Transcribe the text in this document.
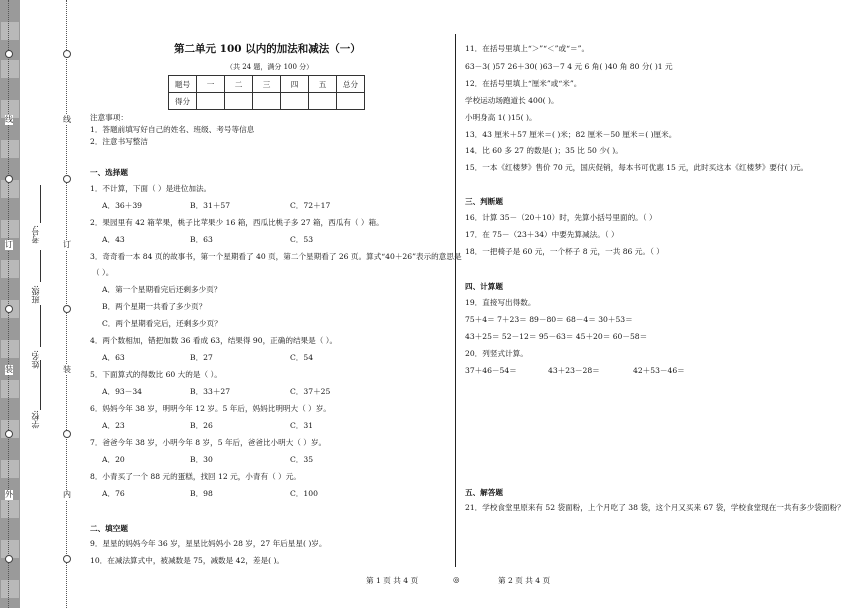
线
订
装
外
线
订
装
内
学校:
姓名:
班级:
考号:
第二单元 100 以内的加法和减法（一）
（共 24 题，满分 100 分）
题号	一	二	三	四	五	总分
得分						
注意事项：
1．答题前填写好自己的姓名、班级、考号等信息
2．注意书写整洁
一、选择题
1．不计算，下面（ ）是进位加法。
A．36＋39	B．31＋57	C．72＋17
2．果园里有 42 箱苹果，桃子比苹果少 16 箱，西瓜比桃子多 27 箱，西瓜有（ ）箱。
A．43	B．63	C．53
3．奇奇看一本 84 页的故事书，第一个星期看了 40 页，第二个星期看了 26 页。算式“40＋26”表示的意思是
（ ）。
A．第一个星期看完后还剩多少页？
B．两个星期一共看了多少页？
C．两个星期看完后，还剩多少页？
4．两个数相加，错把加数 36 看成 63，结果得 90，正确的结果是（ ）。
A．63	B．27	C．54
5．下面算式的得数比 60 大的是（ ）。
A．93－34	B．33＋27	C．37＋25
6．妈妈今年 38 岁，明明今年 12 岁。5 年后，妈妈比明明大（ ）岁。
A．23	B．26	C．31
7．爸爸今年 38 岁，小明今年 8 岁，5 年后，爸爸比小明大（ ）岁。
A．20	B．30	C．35
8．小青买了一个 88 元的蛋糕，找回 12 元，小青有（ ）元。
A．76	B．98	C．100
二、填空题
9．星星的妈妈今年 36 岁，星星比妈妈小 28 岁，27 年后星星( )岁。
10．在减法算式中，被减数是 75，减数是 42，差是( )。
11．在括号里填上“＞”“＜”或“＝”。
63－3( )57 26＋30( )63－7 4 元 6 角( )40 角 80 分( )1 元
12．在括号里填上“厘米”或“米”。
学校运动场跑道长 400( )。
小明身高 1( )15( )。
13．43 厘米＋57 厘米＝( )米；82 厘米－50 厘米＝( )厘米。
14．比 60 多 27 的数是( )；35 比 50 少( )。
15．一本《红楼梦》售价 70 元，国庆促销，每本书可优惠 15 元，此时买这本《红楼梦》要付( )元。
三、判断题
16．计算 35－（20＋10）时，先算小括号里面的。（ ）
17．在 75－（23＋34）中要先算减法。（ ）
18．一把椅子是 60 元，一个杯子 8 元，一共 86 元。（ ）
四、计算题
19．直接写出得数。
75＋4＝ 7＋23＝ 89－80＝ 68－4＝ 30＋53＝
43＋25＝ 52－12＝ 95－63＝ 45＋20＝ 60－58＝
20．列竖式计算。
37＋46－54＝	43＋23－28＝	42＋53－46＝
五、解答题
21．学校食堂里原来有 52 袋面粉，上个月吃了 38 袋，这个月又买来 67 袋，学校食堂现在一共有多少袋面粉？
第 1 页 共 4 页	◎	第 2 页 共 4 页
